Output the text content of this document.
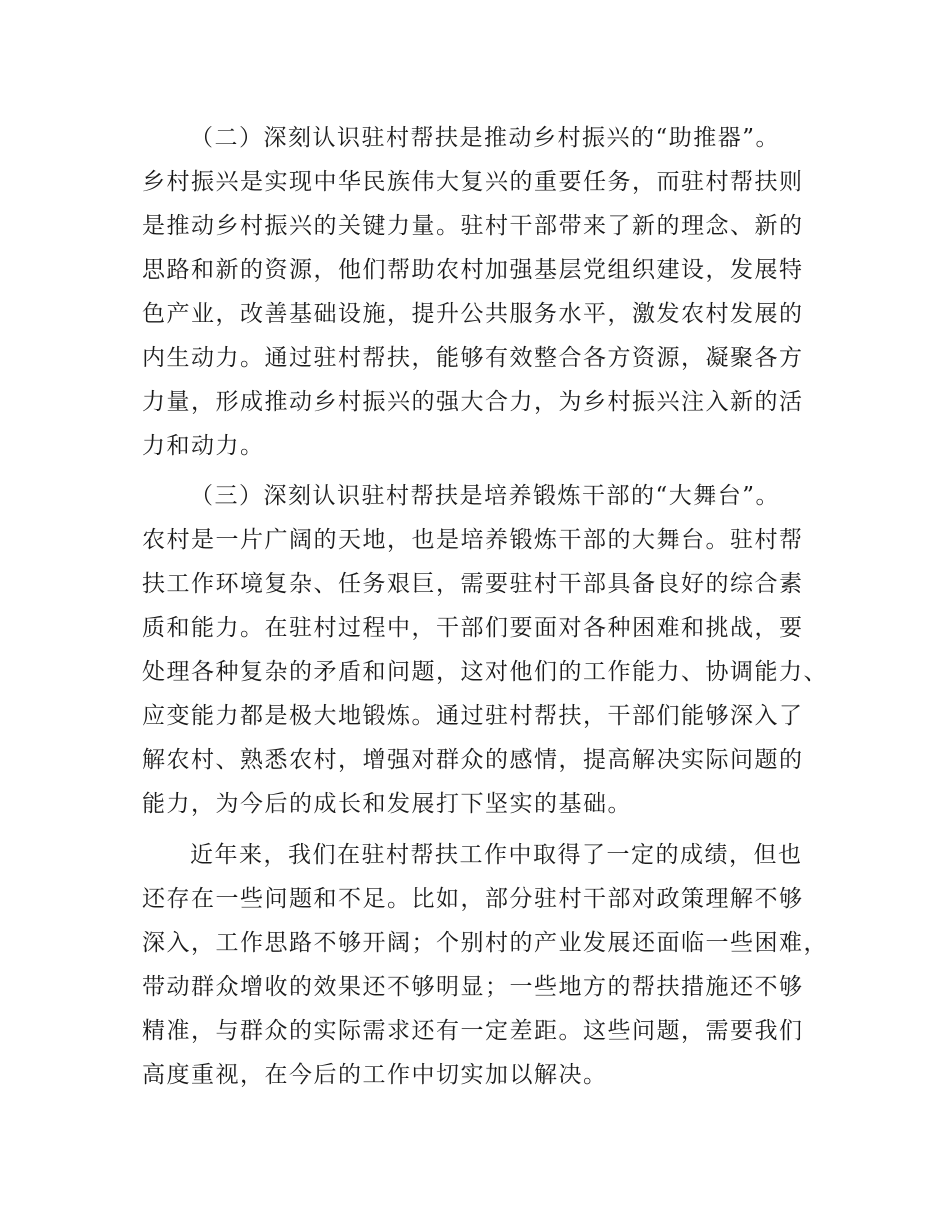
（二）深刻认识驻村帮扶是推动乡村振兴的“助推器”。
乡村振兴是实现中华民族伟大复兴的重要任务，而驻村帮扶则
是推动乡村振兴的关键力量。驻村干部带来了新的理念、新的
思路和新的资源，他们帮助农村加强基层党组织建设，发展特
色产业，改善基础设施，提升公共服务水平，激发农村发展的
内生动力。通过驻村帮扶，能够有效整合各方资源，凝聚各方
力量，形成推动乡村振兴的强大合力，为乡村振兴注入新的活
力和动力。
（三）深刻认识驻村帮扶是培养锻炼干部的“大舞台”。
农村是一片广阔的天地，也是培养锻炼干部的大舞台。驻村帮
扶工作环境复杂、任务艰巨，需要驻村干部具备良好的综合素
质和能力。在驻村过程中，干部们要面对各种困难和挑战，要
处理各种复杂的矛盾和问题，这对他们的工作能力、协调能力、
应变能力都是极大地锻炼。通过驻村帮扶，干部们能够深入了
解农村、熟悉农村，增强对群众的感情，提高解决实际问题的
能力，为今后的成长和发展打下坚实的基础。
近年来，我们在驻村帮扶工作中取得了一定的成绩，但也
还存在一些问题和不足。比如，部分驻村干部对政策理解不够
深入，工作思路不够开阔；个别村的产业发展还面临一些困难，
带动群众增收的效果还不够明显；一些地方的帮扶措施还不够
精准，与群众的实际需求还有一定差距。这些问题，需要我们
高度重视，在今后的工作中切实加以解决。
